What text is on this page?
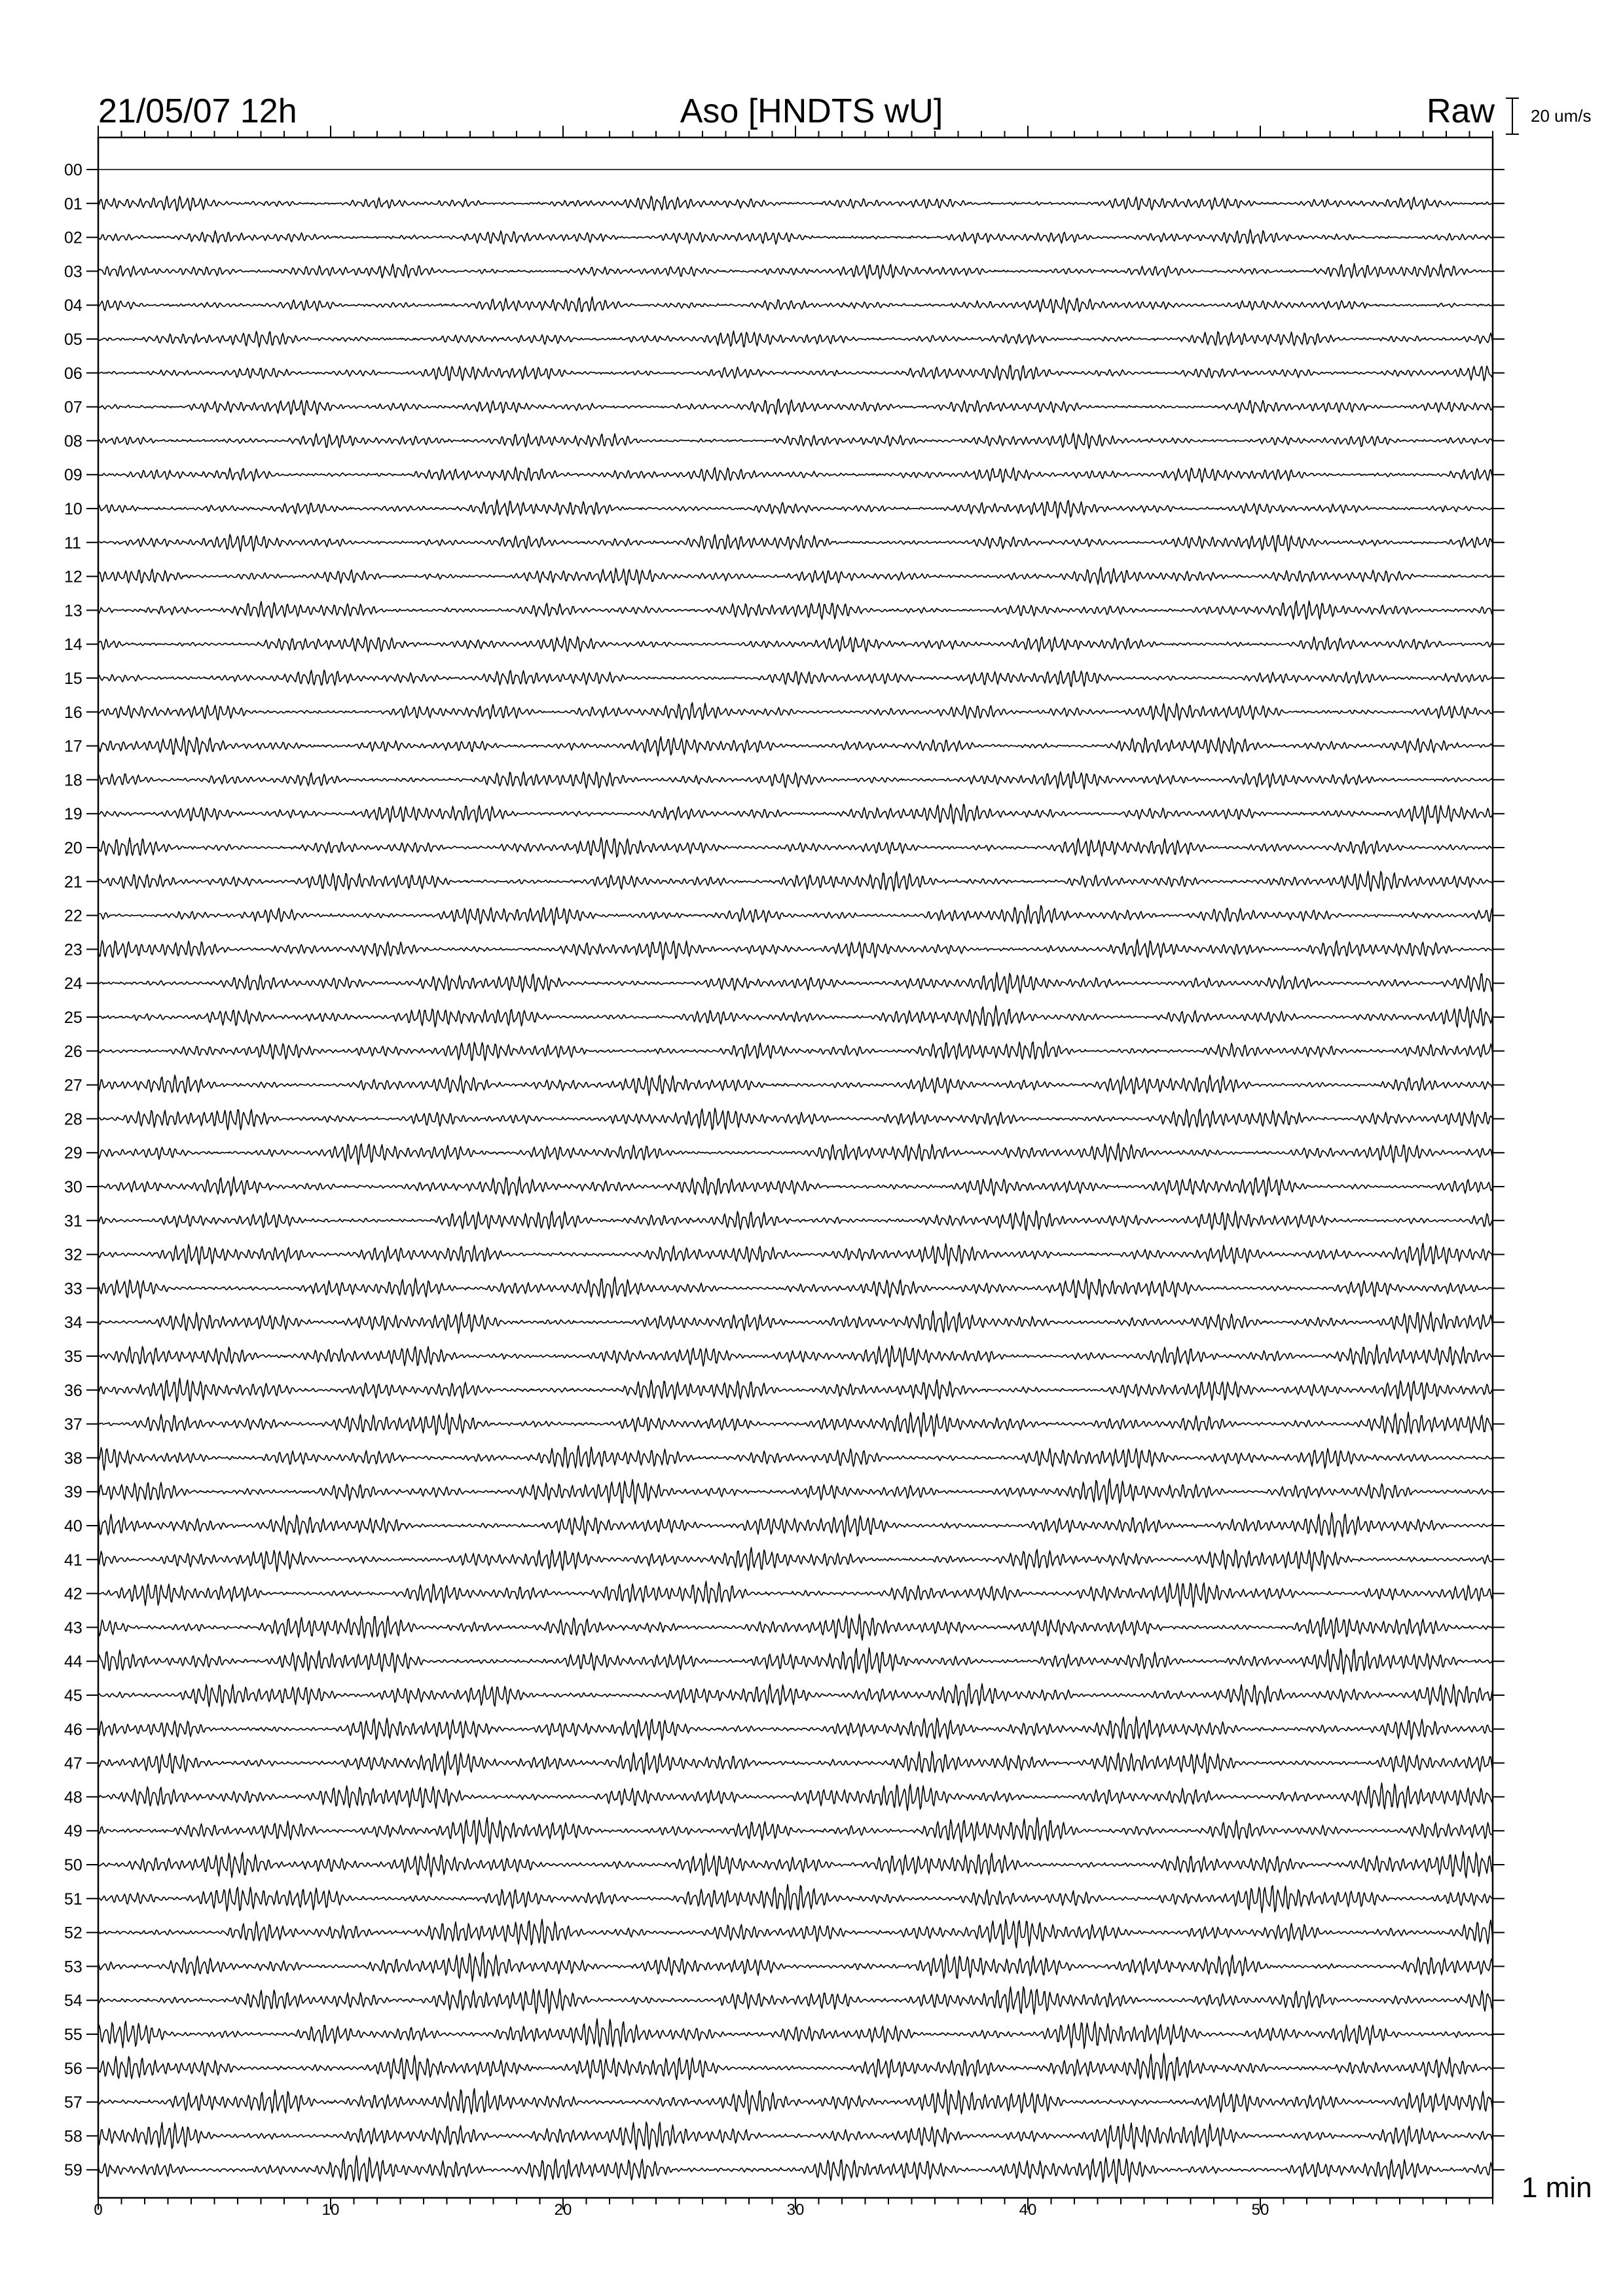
0	10	20	30	40	50
00
01
02
03
04
05
06
07
08
09
10
11
12
13
14
15
16
17
18
19
20
21
22
23
24
25
26
27
28
29
30
31
32
33
34
35
36
37
38
39
40
41
42
43
44
45
46
47
48
49
50
51
52
53
54
55
56
57
58
59
21/05/07 12h	Aso [HNDTS wU]	Raw 20 um/s
1 min
